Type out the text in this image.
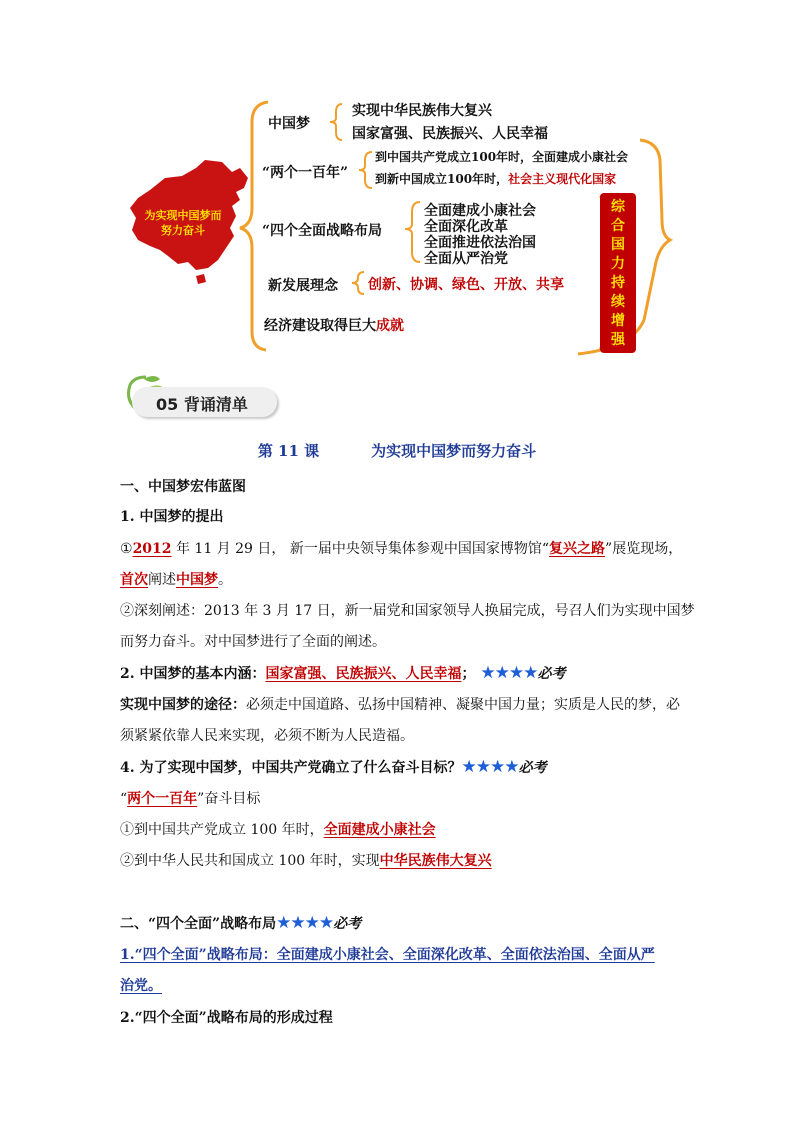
为实现中国梦而
努力奋斗
中国梦
实现中华民族伟大复兴
国家富强、民族振兴、人民幸福
“两个一百年”
到中国共产党成立100年时，全面建成小康社会
到新中国成立100年时，社会主义现代化国家
“四个全面战略布局
全面建成小康社会
全面深化改革
全面推进依法治国
全面从严治党
新发展理念 创新、协调、绿色、开放、共享
经济建设取得巨大成就
综
合
国
力
持
续
增
强
05 背诵清单
第 11 课	为实现中国梦而努力奋斗
一、中国梦宏伟蓝图
1. 中国梦的提出
①2012 年 11 月 29 日， 新一届中央领导集体参观中国国家博物馆“复兴之路”展览现场，
首次阐述中国梦。
②深刻阐述：2013 年 3 月 17 日，新一届党和国家领导人换届完成，号召人们为实现中国梦
而努力奋斗。对中国梦进行了全面的阐述。
2. 中国梦的基本内涵：国家富强、民族振兴、人民幸福； ★★★★必考
实现中国梦的途径：必须走中国道路、弘扬中国精神、凝聚中国力量；实质是人民的梦，必
须紧紧依靠人民来实现，必须不断为人民造福。
4. 为了实现中国梦，中国共产党确立了什么奋斗目标？★★★★必考
“两个一百年”奋斗目标
①到中国共产党成立 100 年时，全面建成小康社会
②到中华人民共和国成立 100 年时，实现中华民族伟大复兴
二、“四个全面”战略布局★★★★必考
1.“四个全面”战略布局：全面建成小康社会、全面深化改革、全面依法治国、全面从严
治党。
2.“四个全面”战略布局的形成过程
